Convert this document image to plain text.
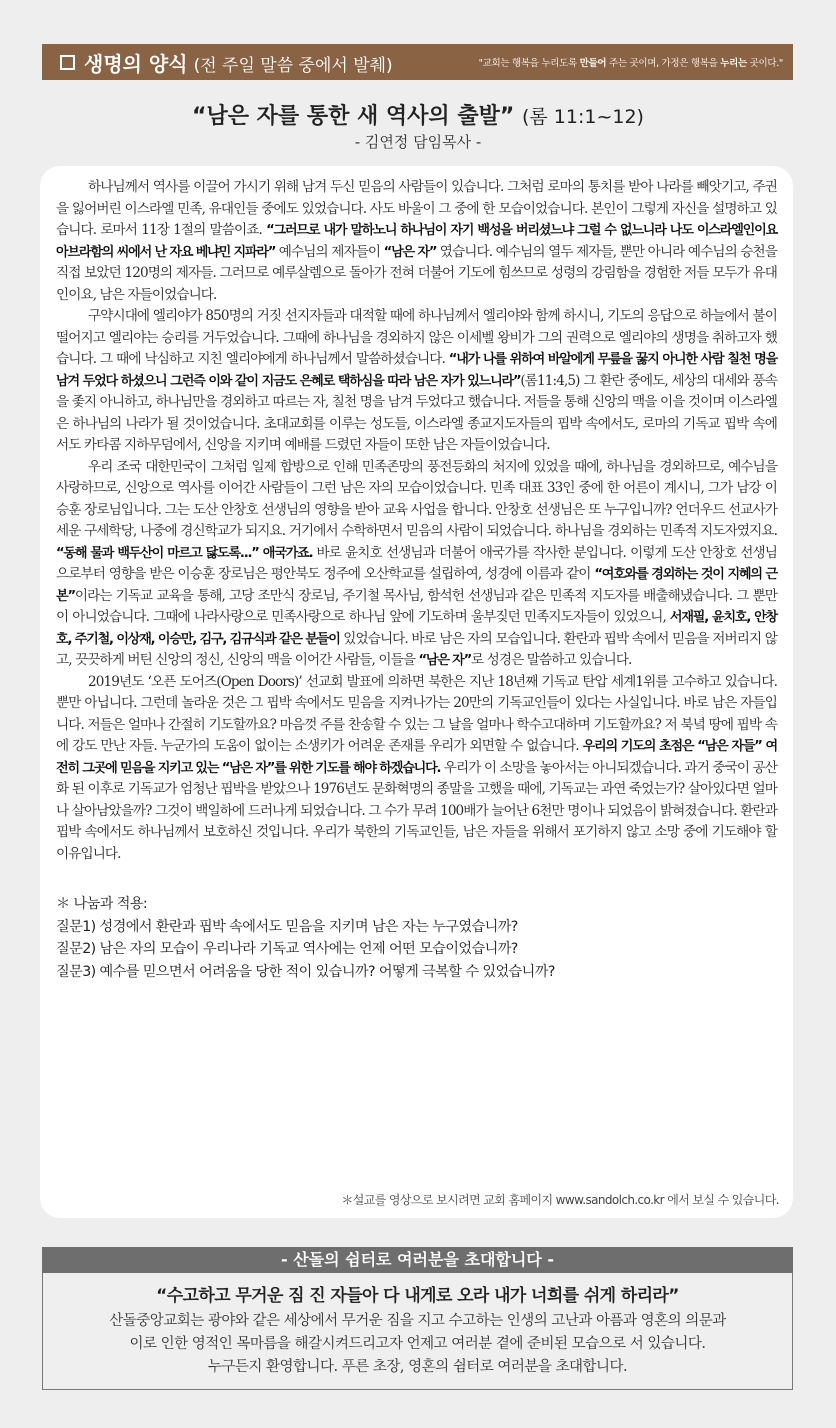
생명의 양식 (전 주일 말씀 중에서 발췌)	"교회는 행복을 누리도록 만들어 주는 곳이며, 가정은 행복을 누리는 곳이다."
“남은 자를 통한 새 역사의 출발” (롬 11:1~12)
- 김연정 담임목사 -

하나님께서 역사를 이끌어 가시기 위해 남겨 두신 믿음의 사람들이 있습니다. 그처럼 로마의 통치를 받아 나라를 빼앗기고, 주권을 잃어버린 이스라엘 민족, 유대인들 중에도 있었습니다. 사도 바울이 그 중에 한 모습이었습니다. 본인이 그렇게 자신을 설명하고 있습니다. 로마서 11장 1절의 말씀이죠. “그러므로 내가 말하노니 하나님이 자기 백성을 버리셨느냐 그럴 수 없느니라 나도 이스라엘인이요 아브라함의 씨에서 난 자요 베냐민 지파라” 예수님의 제자들이 “남은 자” 였습니다. 예수님의 열두 제자들, 뿐만 아니라 예수님의 승천을 직접 보았던 120명의 제자들. 그러므로 예루살렘으로 돌아가 전혀 더불어 기도에 힘쓰므로 성령의 강림함을 경험한 저들 모두가 유대인이요, 남은 자들이었습니다.

구약시대에 엘리야가 850명의 거짓 선지자들과 대적할 때에 하나님께서 엘리야와 함께 하시니, 기도의 응답으로 하늘에서 불이 떨어지고 엘리야는 승리를 거두었습니다. 그때에 하나님을 경외하지 않은 이세벨 왕비가 그의 권력으로 엘리야의 생명을 취하고자 했습니다. 그 때에 낙심하고 지친 엘리야에게 하나님께서 말씀하셨습니다. “내가 나를 위하여 바알에게 무릎을 꿇지 아니한 사람 칠천 명을 남겨 두었다 하셨으니 그런즉 이와 같이 지금도 은혜로 택하심을 따라 남은 자가 있느니라”(롬11:4,5) 그 환란 중에도, 세상의 대세와 풍속을 좇지 아니하고, 하나님만을 경외하고 따르는 자, 칠천 명을 남겨 두었다고 했습니다. 저들을 통해 신앙의 맥을 이을 것이며 이스라엘은 하나님의 나라가 될 것이었습니다. 초대교회를 이루는 성도들, 이스라엘 종교지도자들의 핍박 속에서도, 로마의 기독교 핍박 속에서도 카타콤 지하무덤에서, 신앙을 지키며 예배를 드렸던 자들이 또한 남은 자들이었습니다.

우리 조국 대한민국이 그처럼 일제 합방으로 인해 민족존망의 풍전등화의 처지에 있었을 때에, 하나님을 경외하므로, 예수님을 사랑하므로, 신앙으로 역사를 이어간 사람들이 그런 남은 자의 모습이었습니다. 민족 대표 33인 중에 한 어른이 계시니, 그가 남강 이승훈 장로님입니다. 그는 도산 안창호 선생님의 영향을 받아 교육 사업을 합니다. 안창호 선생님은 또 누구입니까? 언더우드 선교사가 세운 구세학당, 나중에 경신학교가 되지요. 거기에서 수학하면서 믿음의 사람이 되었습니다. 하나님을 경외하는 민족적 지도자였지요. “동해 물과 백두산이 마르고 닳도록...” 애국가죠. 바로 윤치호 선생님과 더불어 애국가를 작사한 분입니다. 이렇게 도산 안창호 선생님으로부터 영향을 받은 이승훈 장로님은 평안북도 정주에 오산학교를 설립하여, 성경에 이름과 같이 “여호와를 경외하는 것이 지혜의 근본”이라는 기독교 교육을 통해, 고당 조만식 장로님, 주기철 목사님, 함석헌 선생님과 같은 민족적 지도자를 배출해냈습니다. 그 뿐만이 아니었습니다. 그때에 나라사랑으로 민족사랑으로 하나님 앞에 기도하며 울부짖던 민족지도자들이 있었으니, 서재필, 윤치호, 안창호, 주기철, 이상재, 이승만, 김구, 김규식과 같은 분들이 있었습니다. 바로 남은 자의 모습입니다. 환란과 핍박 속에서 믿음을 저버리지 않고, 끗끗하게 버틴 신앙의 정신, 신앙의 맥을 이어간 사람들, 이들을 “남은 자”로 성경은 말씀하고 있습니다.

2019년도 ‘오픈 도어즈(Open Doors)’ 선교회 발표에 의하면 북한은 지난 18년째 기독교 탄압 세계1위를 고수하고 있습니다. 뿐만 아닙니다. 그런데 놀라운 것은 그 핍박 속에서도 믿음을 지켜나가는 20만의 기독교인들이 있다는 사실입니다. 바로 남은 자들입니다. 저들은 얼마나 간절히 기도할까요? 마음껏 주를 찬송할 수 있는 그 날을 얼마나 학수고대하며 기도할까요? 저 북녘 땅에 핍박 속에 강도 만난 자들. 누군가의 도움이 없이는 소생키가 어려운 존재를 우리가 외면할 수 없습니다. 우리의 기도의 초점은 “남은 자들” 여전히 그곳에 믿음을 지키고 있는 “남은 자”를 위한 기도를 해야 하겠습니다. 우리가 이 소망을 놓아서는 아니되겠습니다. 과거 중국이 공산화 된 이후로 기독교가 엄청난 핍박을 받았으나 1976년도 문화혁명의 종말을 고했을 때에, 기독교는 과연 죽었는가? 살아있다면 얼마나 살아남았을까? 그것이 백일하에 드러나게 되었습니다. 그 수가 무려 100배가 늘어난 6천만 명이나 되었음이 밝혀졌습니다. 환란과 핍박 속에서도 하나님께서 보호하신 것입니다. 우리가 북한의 기독교인들, 남은 자들을 위해서 포기하지 않고 소망 중에 기도해야 할 이유입니다.

＊ 나눔과 적용:
질문1) 성경에서 환란과 핍박 속에서도 믿음을 지키며 남은 자는 누구였습니까?
질문2) 남은 자의 모습이 우리나라 기독교 역사에는 언제 어떤 모습이었습니까?
질문3) 예수를 믿으면서 어려움을 당한 적이 있습니까? 어떻게 극복할 수 있었습니까?
＊설교를 영상으로 보시려면 교회 홈페이지 www.sandolch.co.kr 에서 보실 수 있습니다.
- 산돌의 쉼터로 여러분을 초대합니다 -
“수고하고 무거운 짐 진 자들아 다 내게로 오라 내가 너희를 쉬게 하리라”
산돌중앙교회는 광야와 같은 세상에서 무거운 짐을 지고 수고하는 인생의 고난과 아픔과 영혼의 의문과
이로 인한 영적인 목마름을 해갈시켜드리고자 언제고 여러분 곁에 준비된 모습으로 서 있습니다.
누구든지 환영합니다. 푸른 초장, 영혼의 쉼터로 여러분을 초대합니다.
